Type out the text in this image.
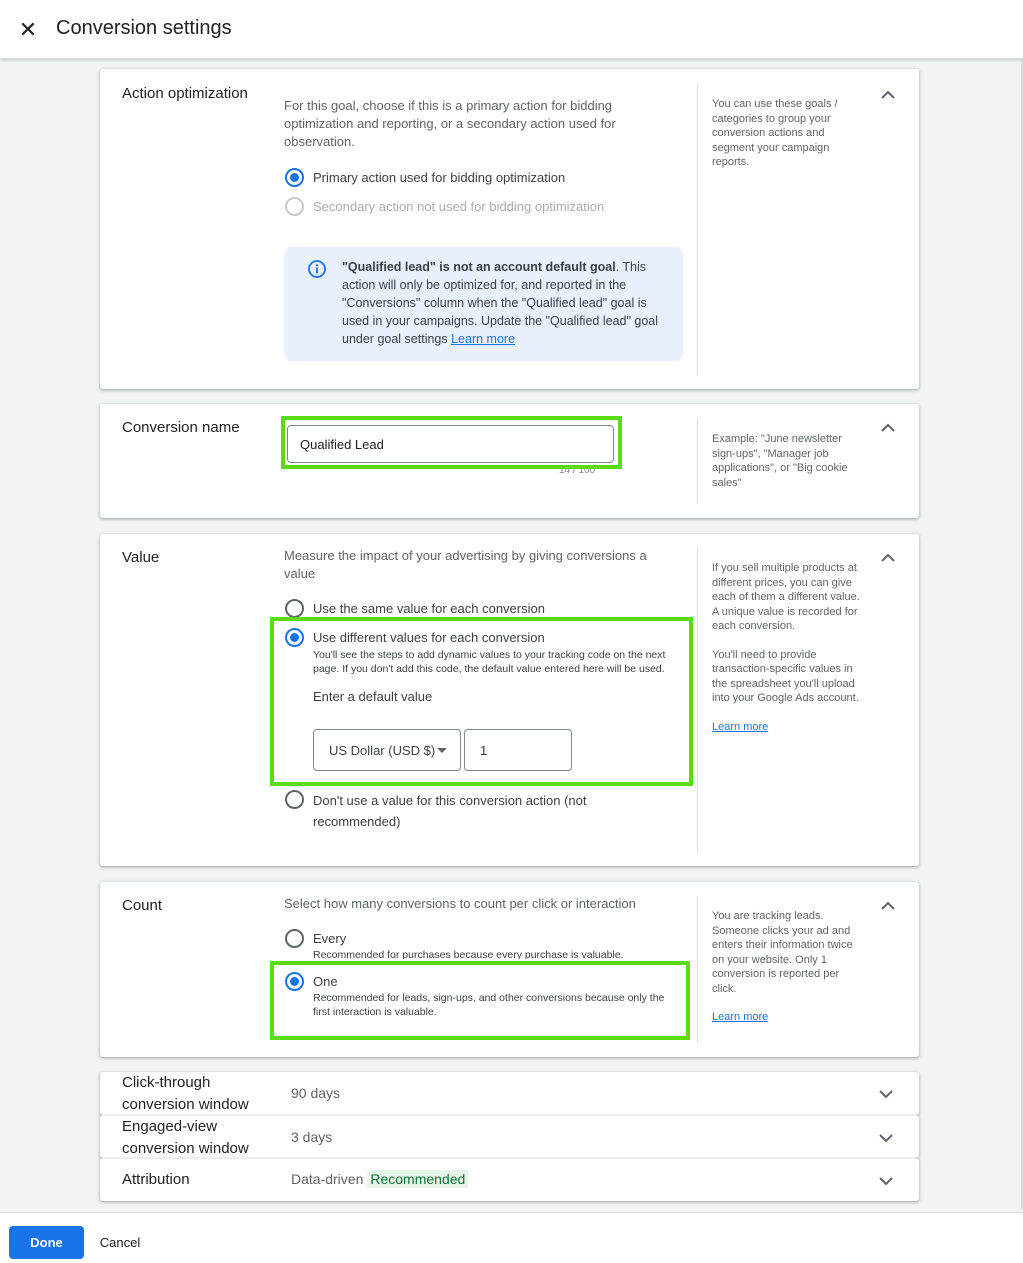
✕ Conversion settings
Action optimization
For this goal, choose if this is a primary action for bidding optimization and reporting, or a secondary action used for observation.
Primary action used for bidding optimization
Secondary action not used for bidding optimization
"Qualified lead" is not an account default goal. This action will only be optimized for, and reported in the "Conversions" column when the "Qualified lead" goal is used in your campaigns. Update the "Qualified lead" goal under goal settings Learn more
You can use these goals / categories to group your conversion actions and segment your campaign reports.
Conversion name
Qualified Lead
14 / 100
Example: "June newsletter sign-ups", "Manager job applications", or "Big cookie sales"
Value	Measure the impact of your advertising by giving conversions a value
Use the same value for each conversion
Use different values for each conversion
You'll see the steps to add dynamic values to your tracking code on the next page. If you don't add this code, the default value entered here will be used.
Enter a default value
US Dollar (USD $)
1
Don't use a value for this conversion action (not recommended)
If you sell multiple products at different prices, you can give each of them a different value. A unique value is recorded for each conversion.
You'll need to provide transaction-specific values in the spreadsheet you'll upload into your Google Ads account.
Learn more
Count	Select how many conversions to count per click or interaction
Every
Recommended for purchases because every purchase is valuable.
One
Recommended for leads, sign-ups, and other conversions because only the first interaction is valuable.
You are tracking leads. Someone clicks your ad and enters their information twice on your website. Only 1 conversion is reported per click.
Learn more
Click-through
conversion window
90 days
Engaged-view
conversion window
3 days
Attribution	Data-driven Recommended
Done	Cancel
